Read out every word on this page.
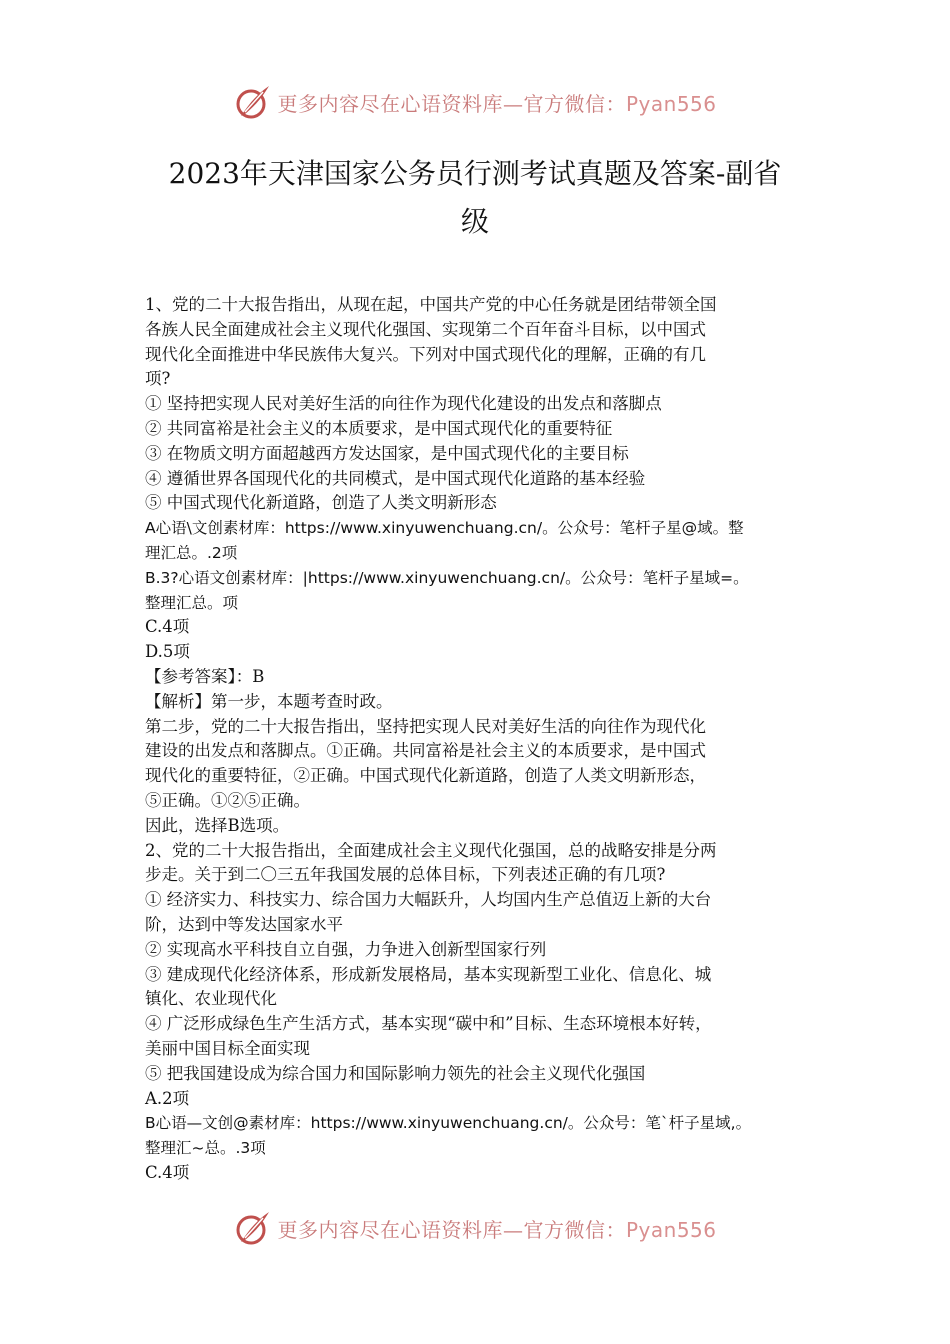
更多内容尽在心语资料库—官方微信：Pyan556
2023年天津国家公务员行测考试真题及答案-副省
级

1、党的二十大报告指出，从现在起，中国共产党的中心任务就是团结带领全国

各族人民全面建成社会主义现代化强国、实现第二个百年奋斗目标，以中国式

现代化全面推进中华民族伟大复兴。下列对中国式现代化的理解，正确的有几

项?

① 坚持把实现人民对美好生活的向往作为现代化建设的出发点和落脚点

② 共同富裕是社会主义的本质要求，是中国式现代化的重要特征

③ 在物质文明方面超越西方发达国家，是中国式现代化的主要目标

④ 遵循世界各国现代化的共同模式，是中国式现代化道路的基本经验

⑤ 中国式现代化新道路，创造了人类文明新形态

A心语\文创素材库：https://www.xinyuwenchuang.cn/。公众号：笔杆子星@域。整

理汇总。.2项

B.3?心语文创素材库：|https://www.xinyuwenchuang.cn/。公众号：笔杆子星域=。

整理汇总。项

C.4项

D.5项

【参考答案】：B

【解析】第一步，本题考查时政。

第二步，党的二十大报告指出，坚持把实现人民对美好生活的向往作为现代化

建设的出发点和落脚点。①正确。共同富裕是社会主义的本质要求，是中国式

现代化的重要特征，②正确。中国式现代化新道路，创造了人类文明新形态，

⑤正确。①②⑤正确。

因此，选择B选项。

2、党的二十大报告指出，全面建成社会主义现代化强国，总的战略安排是分两

步走。关于到二〇三五年我国发展的总体目标，下列表述正确的有几项?

① 经济实力、科技实力、综合国力大幅跃升，人均国内生产总值迈上新的大台

阶，达到中等发达国家水平

② 实现高水平科技自立自强，力争进入创新型国家行列

③ 建成现代化经济体系，形成新发展格局，基本实现新型工业化、信息化、城

镇化、农业现代化

④ 广泛形成绿色生产生活方式，基本实现“碳中和”目标、生态环境根本好转，

美丽中国目标全面实现

⑤ 把我国建设成为综合国力和国际影响力领先的社会主义现代化强国

A.2项

B心语—文创@素材库：https://www.xinyuwenchuang.cn/。公众号：笔`杆子星域,。

整理汇~总。.3项

C.4项

更多内容尽在心语资料库—官方微信：Pyan556
